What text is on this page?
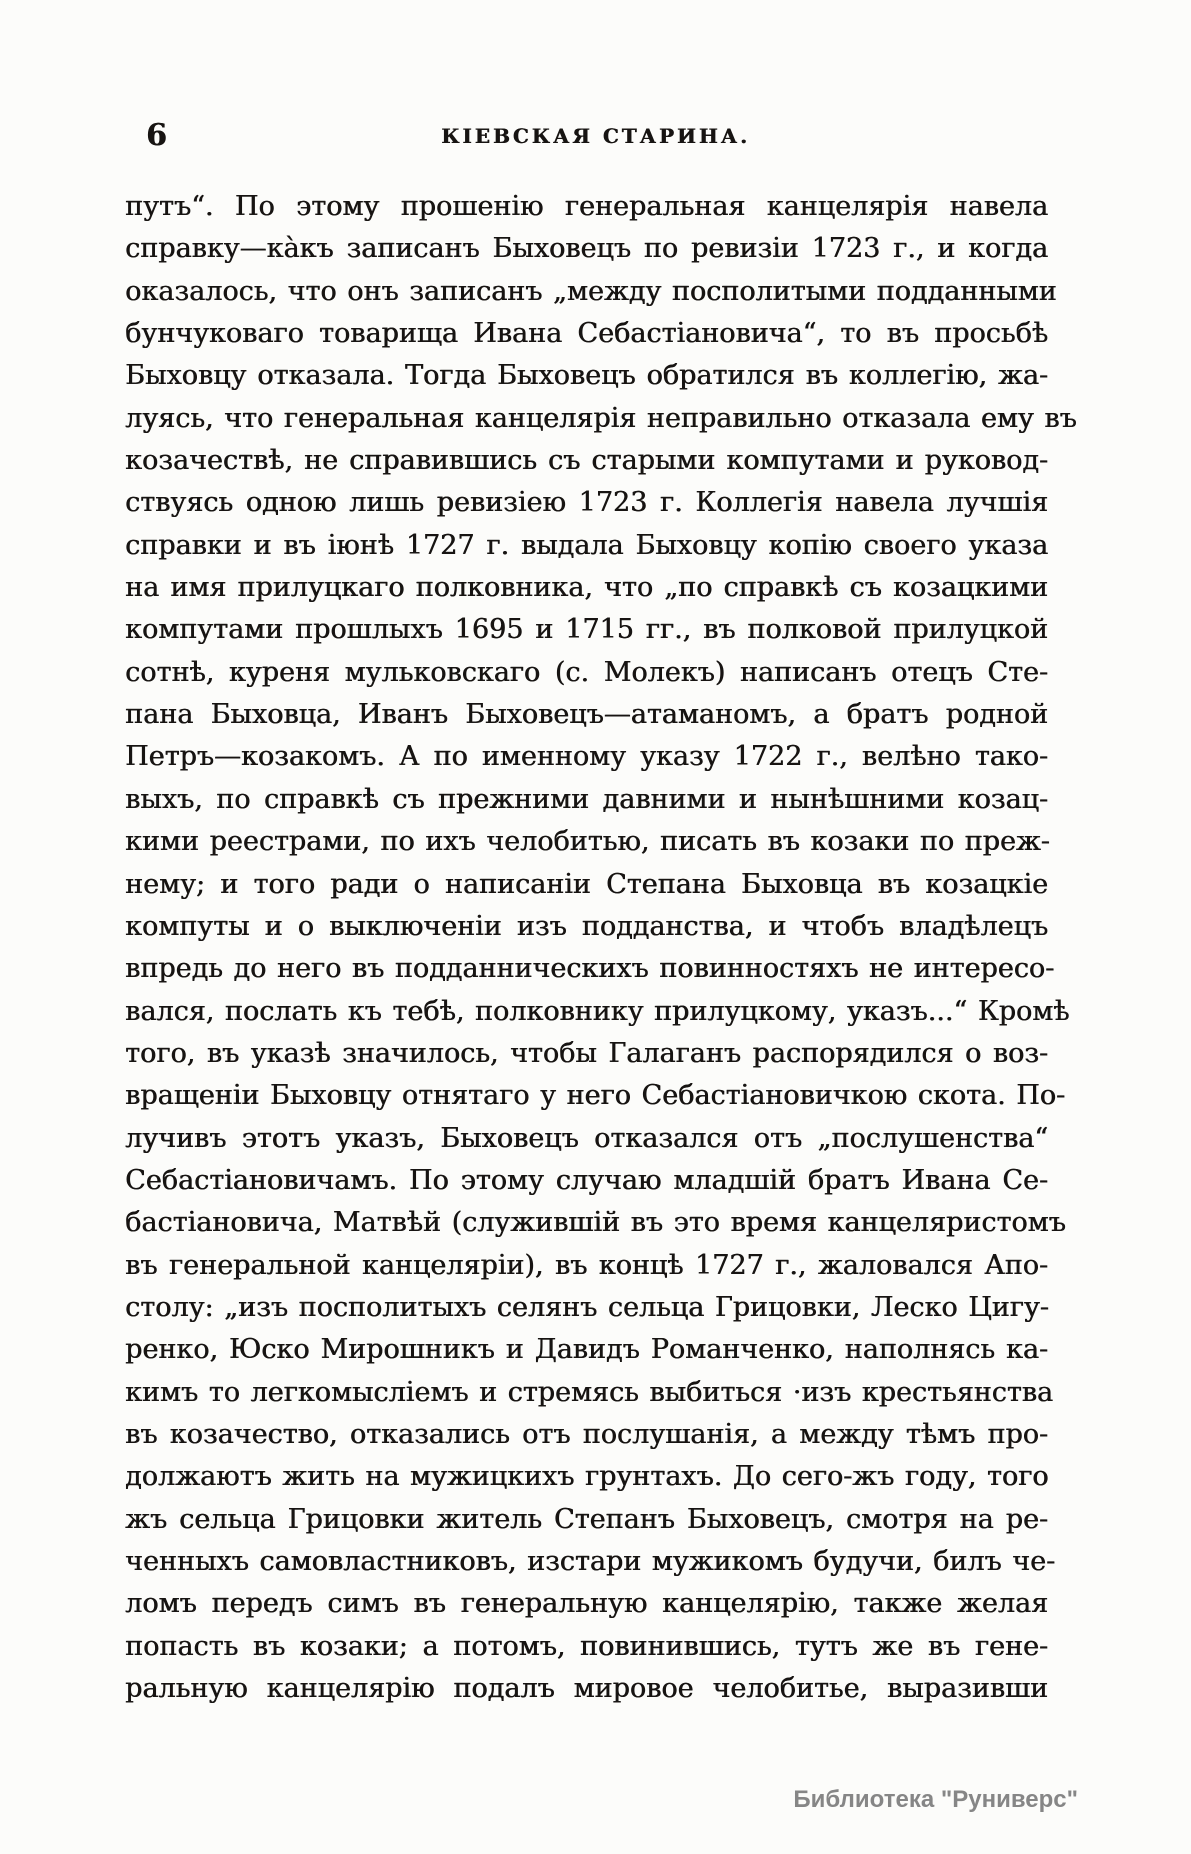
6	КІЕВСКАЯ СТАРИНА.
путъ“. По этому прошенію генеральная канцелярія навела
справку—ка̀къ записанъ Быховецъ по ревизіи 1723 г., и когда
оказалось, что онъ записанъ „между посполитыми подданными
бунчуковаго товарища Ивана Себастіановича“, то въ просьбѣ
Быховцу отказала. Тогда Быховецъ обратился въ коллегію, жа-
луясь, что генеральная канцелярія неправильно отказала ему въ
козачествѣ, не справившись съ старыми компутами и руковод-
ствуясь одною лишь ревизіею 1723 г. Коллегія навела лучшія
справки и въ іюнѣ 1727 г. выдала Быховцу копію своего указа
на имя прилуцкаго полковника, что „по справкѣ съ козацкими
компутами прошлыхъ 1695 и 1715 гг., въ полковой прилуцкой
сотнѣ, куреня мульковскаго (с. Молекъ) написанъ отецъ Сте-
пана Быховца, Иванъ Быховецъ—атаманомъ, а братъ родной
Петръ—козакомъ. А по именному указу 1722 г., велѣно тако-
выхъ, по справкѣ съ прежними давними и нынѣшними козац-
кими реестрами, по ихъ челобитью, писать въ козаки по преж-
нему; и того ради о написаніи Степана Быховца въ козацкіе
компуты и о выключеніи изъ подданства, и чтобъ владѣлецъ
впредь до него въ подданническихъ повинностяхъ не интересо-
вался, послать къ тебѣ, полковнику прилуцкому, указъ...“ Кромѣ
того, въ указѣ значилось, чтобы Галаганъ распорядился о воз-
вращеніи Быховцу отнятаго у него Себастіановичкою скота. По-
лучивъ этотъ указъ, Быховецъ отказался отъ „послушенства“
Себастіановичамъ. По этому случаю младшій братъ Ивана Се-
бастіановича, Матвѣй (служившій въ это время канцеляристомъ
въ генеральной канцеляріи), въ концѣ 1727 г., жаловался Апо-
столу: „изъ посполитыхъ селянъ сельца Грицовки, Леско Цигу-
ренко, Юско Мирошникъ и Давидъ Романченко, наполнясь ка-
кимъ то легкомысліемъ и стремясь выбиться ·изъ крестьянства
въ козачество, отказались отъ послушанія, а между тѣмъ про-
должаютъ жить на мужицкихъ грунтахъ. До сего-жъ году, того
жъ сельца Грицовки житель Степанъ Быховецъ, смотря на ре-
ченныхъ самовластниковъ, изстари мужикомъ будучи, билъ че-
ломъ передъ симъ въ генеральную канцелярію, также желая
попасть въ козаки; а потомъ, повинившись, тутъ же въ гене-
ральную канцелярію подалъ мировое челобитье, выразивши
Библиотека "Руниверс"
